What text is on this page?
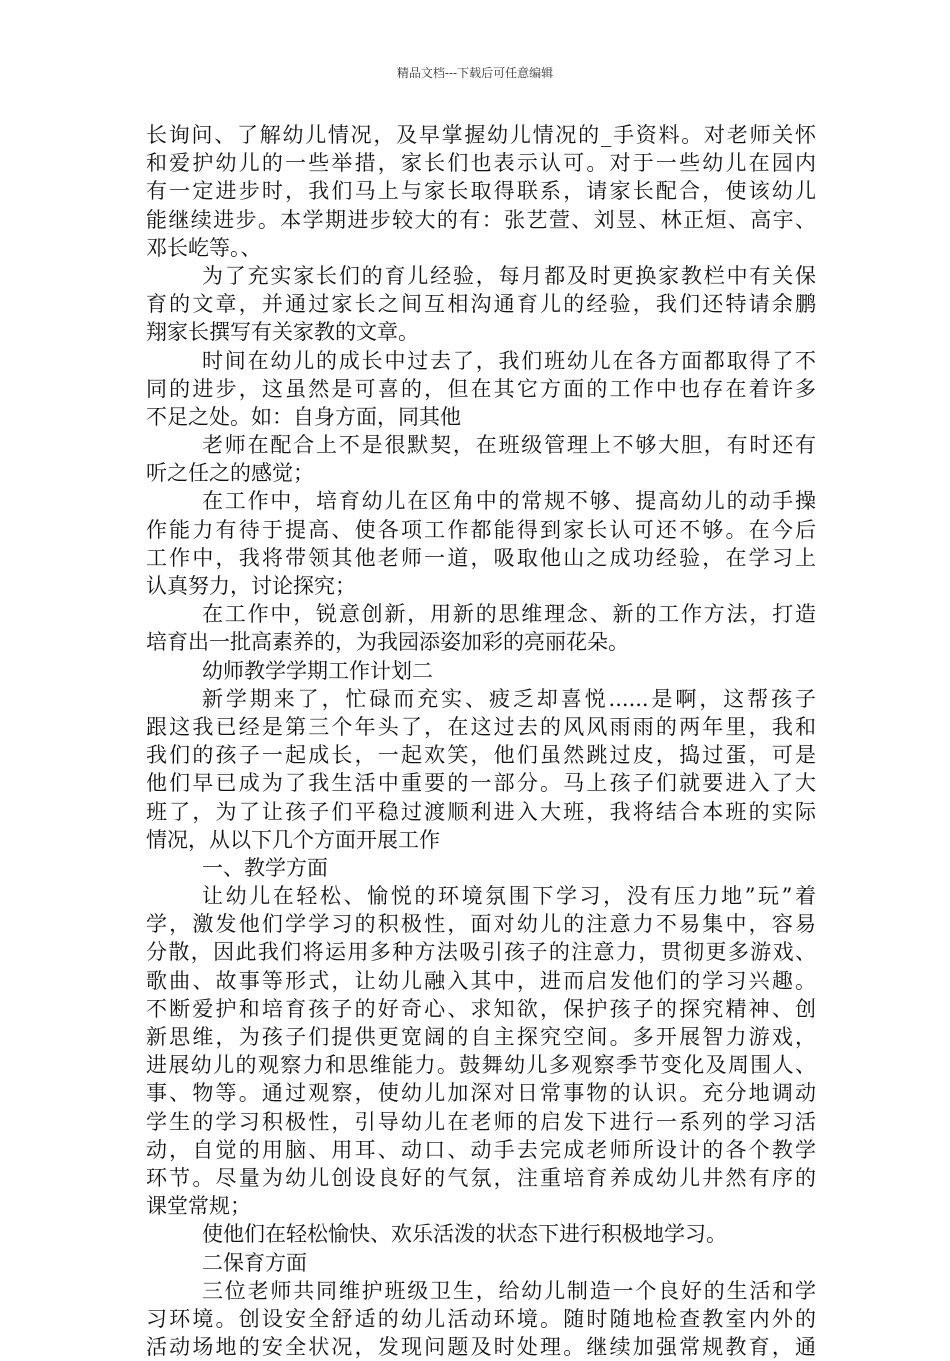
精品文档---下载后可任意编辑
长询问、了解幼儿情况，及早掌握幼儿情况的_手资料。对老师关怀
和爱护幼儿的一些举措，家长们也表示认可。对于一些幼儿在园内
有一定进步时，我们马上与家长取得联系，请家长配合，使该幼儿
能继续进步。本学期进步较大的有：张艺萱、刘昱、林正烜、高宇、
邓长屹等。、
为了充实家长们的育儿经验，每月都及时更换家教栏中有关保
育的文章，并通过家长之间互相沟通育儿的经验，我们还特请余鹏
翔家长撰写有关家教的文章。
时间在幼儿的成长中过去了，我们班幼儿在各方面都取得了不
同的进步，这虽然是可喜的，但在其它方面的工作中也存在着许多
不足之处。如：自身方面，同其他
老师在配合上不是很默契，在班级管理上不够大胆，有时还有
听之任之的感觉；
在工作中，培育幼儿在区角中的常规不够、提高幼儿的动手操
作能力有待于提高、使各项工作都能得到家长认可还不够。在今后
工作中，我将带领其他老师一道，吸取他山之成功经验，在学习上
认真努力，讨论探究；
在工作中，锐意创新，用新的思维理念、新的工作方法，打造
培育出一批高素养的，为我园添姿加彩的亮丽花朵。
幼师教学学期工作计划二
新学期来了，忙碌而充实、疲乏却喜悦......是啊，这帮孩子
跟这我已经是第三个年头了，在这过去的风风雨雨的两年里，我和
我们的孩子一起成长，一起欢笑，他们虽然跳过皮，捣过蛋，可是
他们早已成为了我生活中重要的一部分。马上孩子们就要进入了大
班了，为了让孩子们平稳过渡顺利进入大班，我将结合本班的实际
情况，从以下几个方面开展工作
一、教学方面
让幼儿在轻松、愉悦的环境氛围下学习，没有压力地”玩”着
学，激发他们学学习的积极性，面对幼儿的注意力不易集中，容易
分散，因此我们将运用多种方法吸引孩子的注意力，贯彻更多游戏、
歌曲、故事等形式，让幼儿融入其中，进而启发他们的学习兴趣。
不断爱护和培育孩子的好奇心、求知欲，保护孩子的探究精神、创
新思维，为孩子们提供更宽阔的自主探究空间。多开展智力游戏，
进展幼儿的观察力和思维能力。鼓舞幼儿多观察季节变化及周围人、
事、物等。通过观察，使幼儿加深对日常事物的认识。充分地调动
学生的学习积极性，引导幼儿在老师的启发下进行一系列的学习活
动，自觉的用脑、用耳、动口、动手去完成老师所设计的各个教学
环节。尽量为幼儿创设良好的气氛，注重培育养成幼儿井然有序的
课堂常规；
使他们在轻松愉快、欢乐活泼的状态下进行积极地学习。
二保育方面
三位老师共同维护班级卫生，给幼儿制造一个良好的生活和学
习环境。创设安全舒适的幼儿活动环境。随时随地检查教室内外的
活动场地的安全状况，发现问题及时处理。继续加强常规教育，通
